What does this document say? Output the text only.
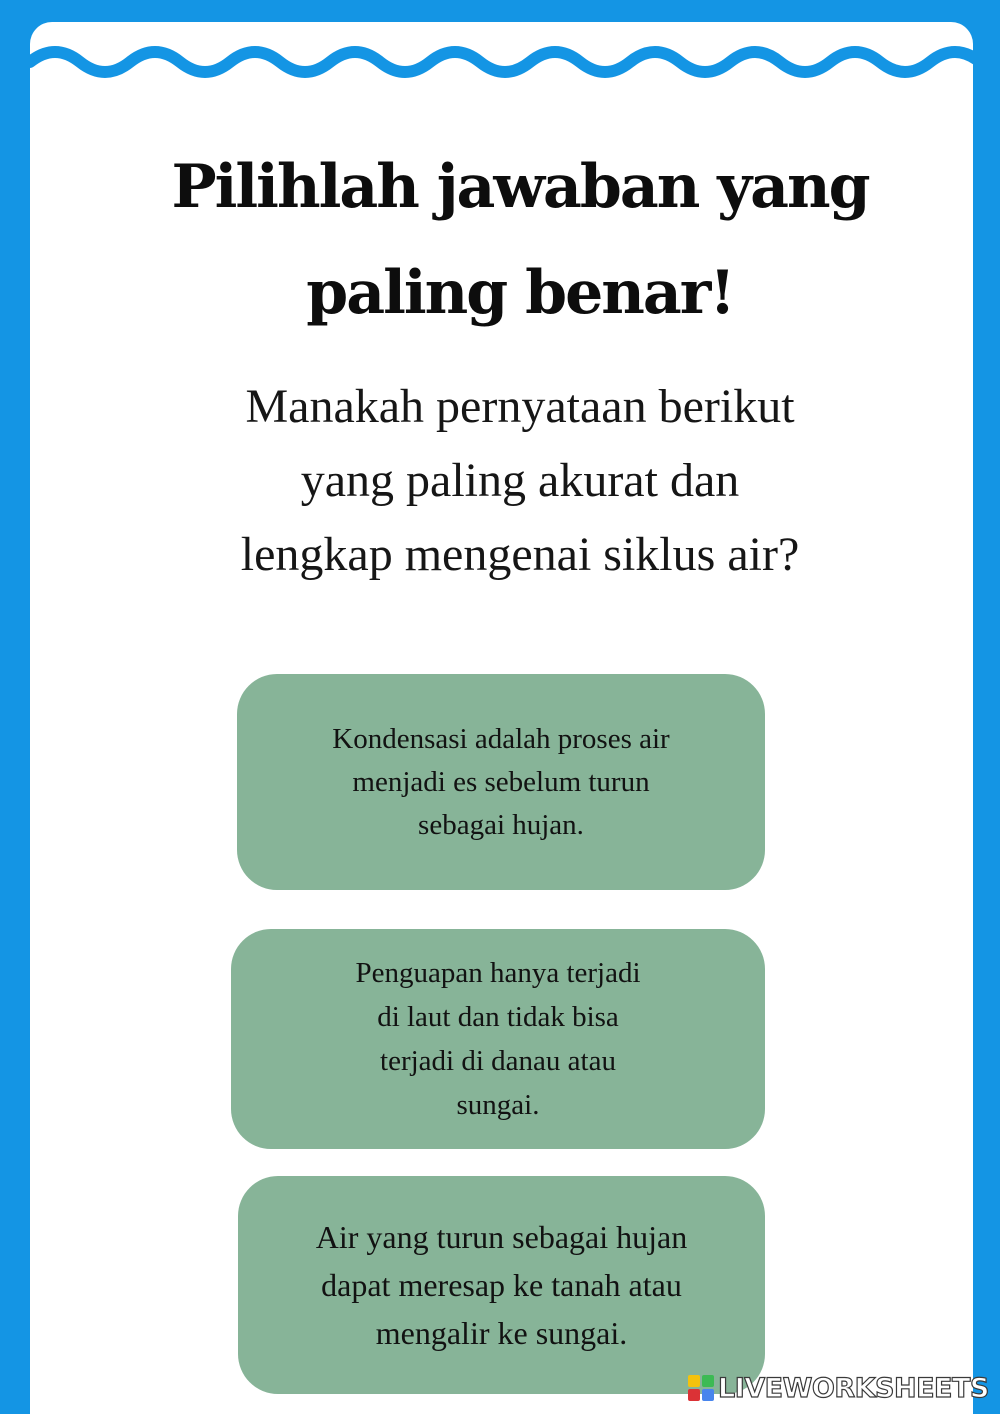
Pilihlah jawaban yang paling benar!

Manakah pernyataan berikut yang paling akurat dan lengkap mengenai siklus air?

Kondensasi adalah proses air menjadi es sebelum turun sebagai hujan.
Penguapan hanya terjadi di laut dan tidak bisa terjadi di danau atau sungai.
Air yang turun sebagai hujan dapat meresap ke tanah atau mengalir ke sungai.
LIVEWORKSHEETS
